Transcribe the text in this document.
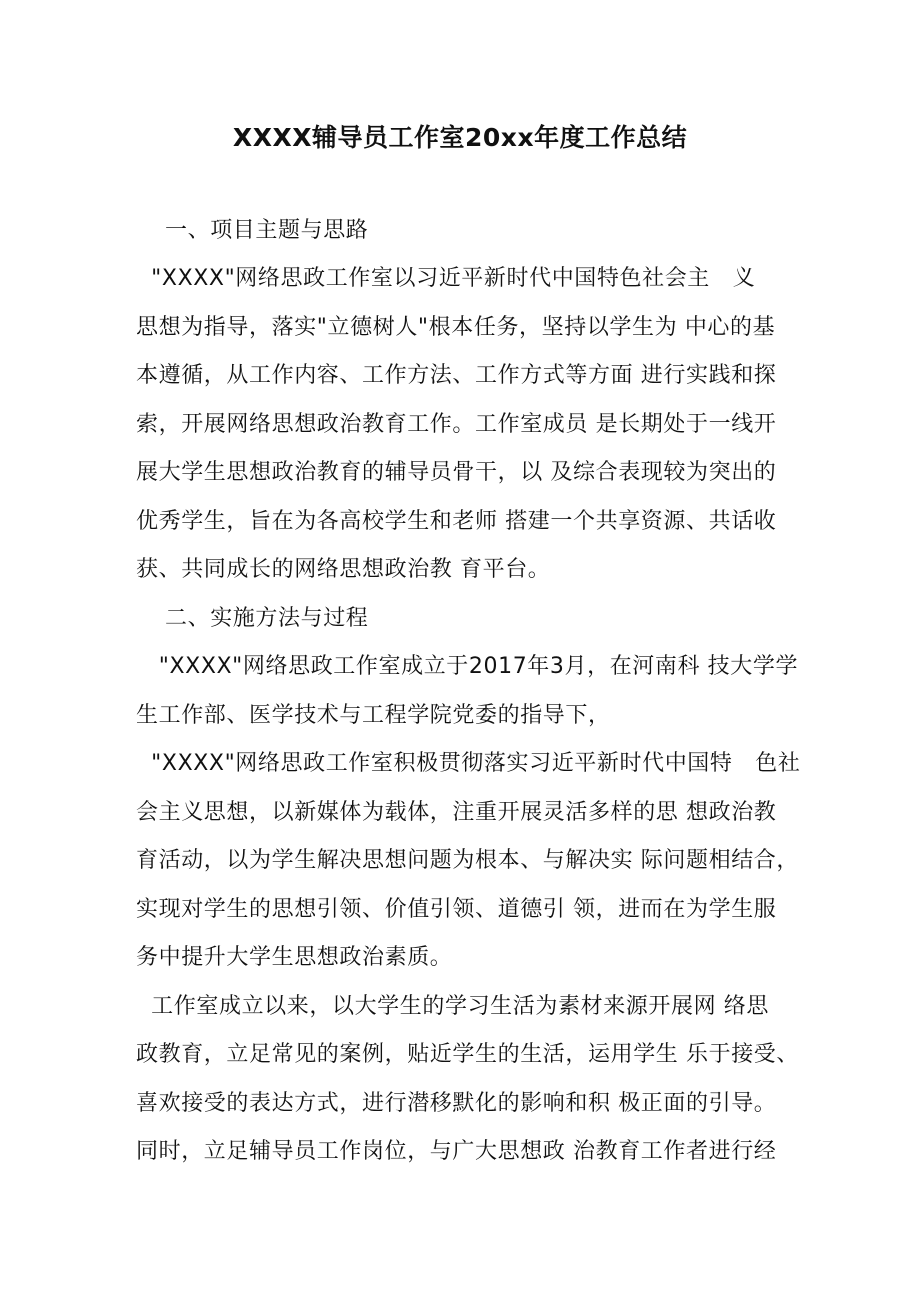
XXXX辅导员工作室20xx年度工作总结
一、项目主题与思路
"XXXX"网络思政工作室以习近平新时代中国特色社会主   义
思想为指导，落实"立德树人"根本任务，坚持以学生为 中心的基
本遵循，从工作内容、工作方法、工作方式等方面 进行实践和探
索，开展网络思想政治教育工作。工作室成员 是长期处于一线开
展大学生思想政治教育的辅导员骨干，以 及综合表现较为突出的
优秀学生，旨在为各高校学生和老师 搭建一个共享资源、共话收
获、共同成长的网络思想政治教 育平台。
二、实施方法与过程
"XXXX"网络思政工作室成立于2017年3月，在河南科 技大学学
生工作部、医学技术与工程学院党委的指导下，
"XXXX"网络思政工作室积极贯彻落实习近平新时代中国特   色社
会主义思想，以新媒体为载体，注重开展灵活多样的思 想政治教
育活动，以为学生解决思想问题为根本、与解决实 际问题相结合，
实现对学生的思想引领、价值引领、道德引 领，进而在为学生服
务中提升大学生思想政治素质。
工作室成立以来，以大学生的学习生活为素材来源开展网 络思
政教育，立足常见的案例，贴近学生的生活，运用学生 乐于接受、
喜欢接受的表达方式，进行潜移默化的影响和积 极正面的引导。
同时，立足辅导员工作岗位，与广大思想政 治教育工作者进行经
